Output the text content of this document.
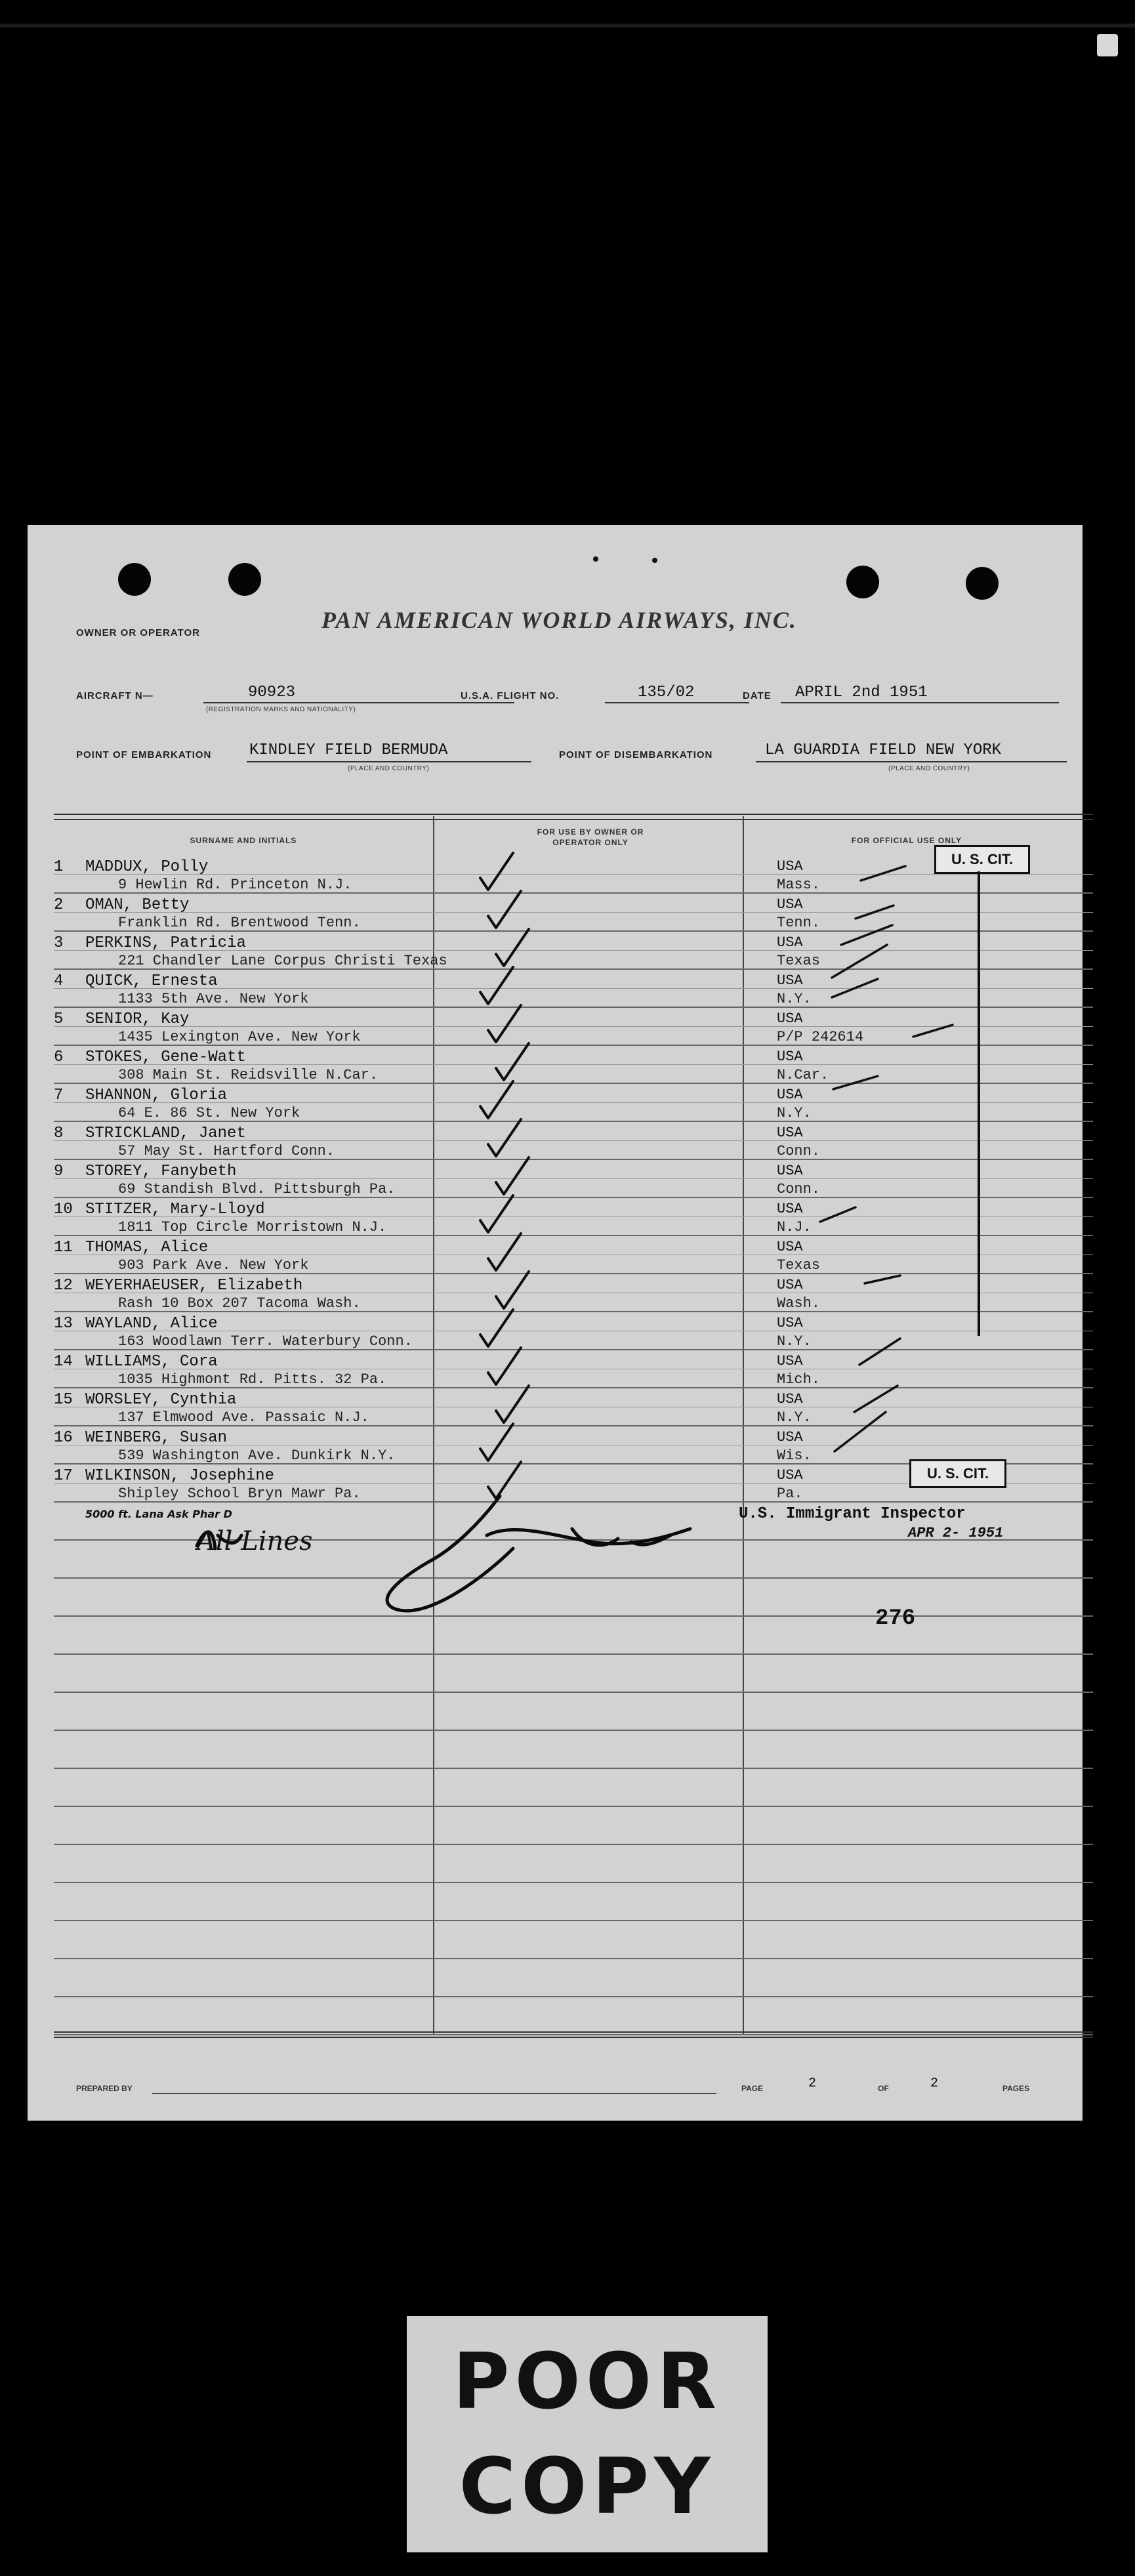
OWNER OR OPERATOR	PAN AMERICAN WORLD AIRWAYS, INC.
AIRCRAFT N—	90923
(REGISTRATION MARKS AND NATIONALITY)
U.S.A. FLIGHT NO.	135/02	DATE APRIL 2nd 1951
POINT OF EMBARKATION KINDLEY FIELD BERMUDA
(PLACE AND COUNTRY)
POINT OF DISEMBARKATION	LA GUARDIA FIELD NEW YORK
(PLACE AND COUNTRY)
SURNAME AND INITIALS
FOR USE BY OWNER OR OPERATOR ONLY	FOR OFFICIAL USE ONLY
1 MADDUX, Polly
9 Hewlin Rd. Princeton N.J.
USA
Mass.
2 OMAN, Betty
Franklin Rd. Brentwood Tenn.
USA
Tenn.
3 PERKINS, Patricia
221 Chandler Lane Corpus Christi Texas
USA
Texas
4 QUICK, Ernesta
1133 5th Ave. New York
USA
N.Y.
5 SENIOR, Kay
1435 Lexington Ave. New York
USA
P/P 242614
6 STOKES, Gene-Watt
308 Main St. Reidsville N.Car.
USA
N.Car.
7 SHANNON, Gloria
64 E. 86 St. New York
USA
N.Y.
8 STRICKLAND, Janet
57 May St. Hartford Conn.
USA
Conn.
9 STOREY, Fanybeth
69 Standish Blvd. Pittsburgh Pa.
USA
Conn.
10 STITZER, Mary-Lloyd
1811 Top Circle Morristown N.J.
USA
N.J.
11 THOMAS, Alice
903 Park Ave. New York
USA
Texas
12 WEYERHAEUSER, Elizabeth
Rash 10 Box 207 Tacoma Wash.
USA
Wash.
13 WAYLAND, Alice
163 Woodlawn Terr. Waterbury Conn.
USA
N.Y.
14 WILLIAMS, Cora
1035 Highmont Rd. Pitts. 32 Pa.
USA
Mich.
15 WORSLEY, Cynthia
137 Elmwood Ave. Passaic N.J.
USA
N.Y.
16 WEINBERG, Susan
539 Washington Ave. Dunkirk N.Y.
USA
Wis.
17 WILKINSON, Josephine
Shipley School Bryn Mawr Pa.
USA
Pa.
U. S. CIT.
U. S. CIT.
U.S. Immigrant Inspector
APR 2- 1951
276
PREPARED BY	PAGE	2	OF	2	PAGES
5000 ft. Lana Ask Phar D
All Lines
POOR
COPY
